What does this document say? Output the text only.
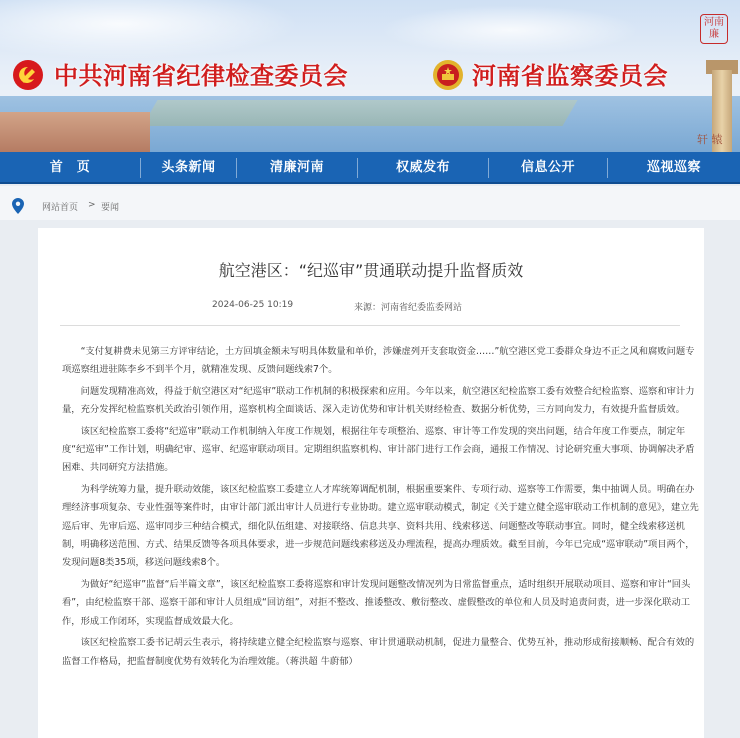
轩 辕
河南廉
中共河南省纪律检查委员会	河南省监察委员会
首　页	头条新闻	清廉河南	权威发布	信息公开	巡视巡察
网站首页 > 要闻
航空港区：“纪巡审”贯通联动提升监督质效
2024-06-25 10:19	来源：河南省纪委监委网站

“支付复耕费未见第三方评审结论，土方回填金额未写明具体数量和单价，涉嫌虚列开支套取资金……”航空港区党工委群众身边不正之风和腐败问题专项巡察组进驻陈李乡不到半个月，就精准发现、反馈问题线索7个。

问题发现精准高效，得益于航空港区对“纪巡审”联动工作机制的积极探索和应用。今年以来，航空港区纪检监察工委有效整合纪检监察、巡察和审计力量，充分发挥纪检监察机关政治引领作用，巡察机构全面谈话、深入走访优势和审计机关财经检查、数据分析优势，三方同向发力，有效提升监督质效。

该区纪检监察工委将“纪巡审”联动工作机制纳入年度工作规划，根据往年专项整治、巡察、审计等工作发现的突出问题，结合年度工作要点，制定年度“纪巡审”工作计划，明确纪审、巡审、纪巡审联动项目。定期组织监察机构、审计部门进行工作会商，通报工作情况、讨论研究重大事项、协调解决矛盾困难、共同研究方法措施。

为科学统筹力量，提升联动效能，该区纪检监察工委建立人才库统筹调配机制，根据重要案件、专项行动、巡察等工作需要，集中抽调人员。明确在办理经济事项复杂、专业性强等案件时，由审计部门派出审计人员进行专业协助。建立巡审联动模式，制定《关于建立健全巡审联动工作机制的意见》，建立先巡后审、先审后巡、巡审同步三种结合模式，细化队伍组建、对接联络、信息共享、资料共用、线索移送、问题整改等联动事宜。同时，健全线索移送机制，明确移送范围、方式、结果反馈等各项具体要求，进一步规范问题线索移送及办理流程，提高办理质效。截至目前，今年已完成“巡审联动”项目两个，发现问题8类35项，移送问题线索8个。

为做好“纪巡审”监督“后半篇文章”，该区纪检监察工委将巡察和审计发现问题整改情况列为日常监督重点，适时组织开展联动项目、巡察和审计“回头看”，由纪检监察干部、巡察干部和审计人员组成“回访组”，对拒不整改、推诿整改、敷衍整改、虚假整改的单位和人员及时追责问责，进一步深化联动工作，形成工作闭环，实现监督成效最大化。

该区纪检监察工委书记胡云生表示，将持续建立健全纪检监察与巡察、审计贯通联动机制，促进力量整合、优势互补，推动形成衔接顺畅、配合有效的监督工作格局，把监督制度优势有效转化为治理效能。（蒋洪超 牛蔚郁）
